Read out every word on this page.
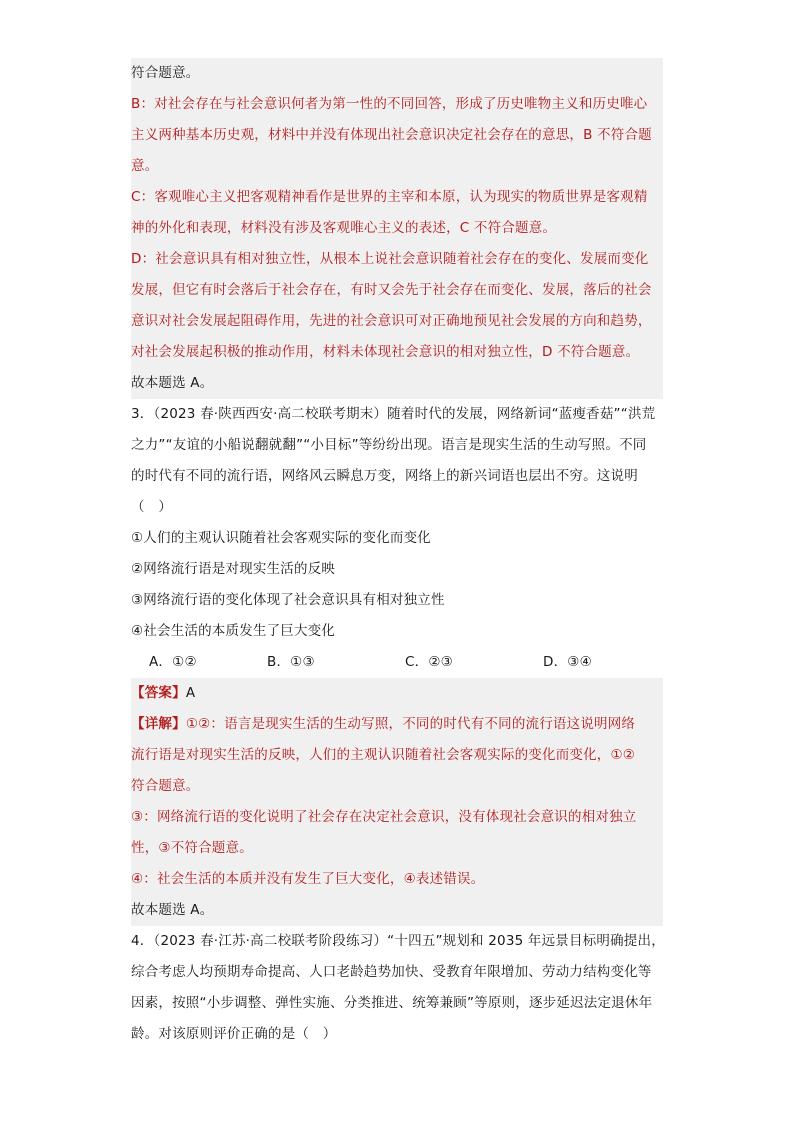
符合题意。
B：对社会存在与社会意识何者为第一性的不同回答，形成了历史唯物主义和历史唯心
主义两种基本历史观，材料中并没有体现出社会意识决定社会存在的意思，B 不符合题
意。
C：客观唯心主义把客观精神看作是世界的主宰和本原，认为现实的物质世界是客观精
神的外化和表现，材料没有涉及客观唯心主义的表述，C 不符合题意。
D：社会意识具有相对独立性，从根本上说社会意识随着社会存在的变化、发展而变化
发展，但它有时会落后于社会存在，有时又会先于社会存在而变化、发展，落后的社会
意识对社会发展起阻碍作用，先进的社会意识可对正确地预见社会发展的方向和趋势，
对社会发展起积极的推动作用，材料未体现社会意识的相对独立性，D 不符合题意。
故本题选 A。
3．（2023 春·陕西西安·高二校联考期末）随着时代的发展，网络新词“蓝瘦香菇”“洪荒
之力”“友谊的小船说翻就翻”“小目标”等纷纷出现。语言是现实生活的生动写照。不同
的时代有不同的流行语，网络风云瞬息万变，网络上的新兴词语也层出不穷。这说明
（　）
①人们的主观认识随着社会客观实际的变化而变化
②网络流行语是对现实生活的反映
③网络流行语的变化体现了社会意识具有相对独立性
④社会生活的本质发生了巨大变化
A．①②	B．①③	C．②③	D．③④
【答案】A
【详解】①②：语言是现实生活的生动写照，不同的时代有不同的流行语这说明网络
流行语是对现实生活的反映，人们的主观认识随着社会客观实际的变化而变化，①②
符合题意。
③：网络流行语的变化说明了社会存在决定社会意识，没有体现社会意识的相对独立
性，③不符合题意。
④：社会生活的本质并没有发生了巨大变化，④表述错误。
故本题选 A。
4．（2023 春·江苏·高二校联考阶段练习）“十四五”规划和 2035 年远景目标明确提出，
综合考虑人均预期寿命提高、人口老龄趋势加快、受教育年限增加、劳动力结构变化等
因素，按照“小步调整、弹性实施、分类推进、统筹兼顾”等原则，逐步延迟法定退休年
龄。对该原则评价正确的是（　）
